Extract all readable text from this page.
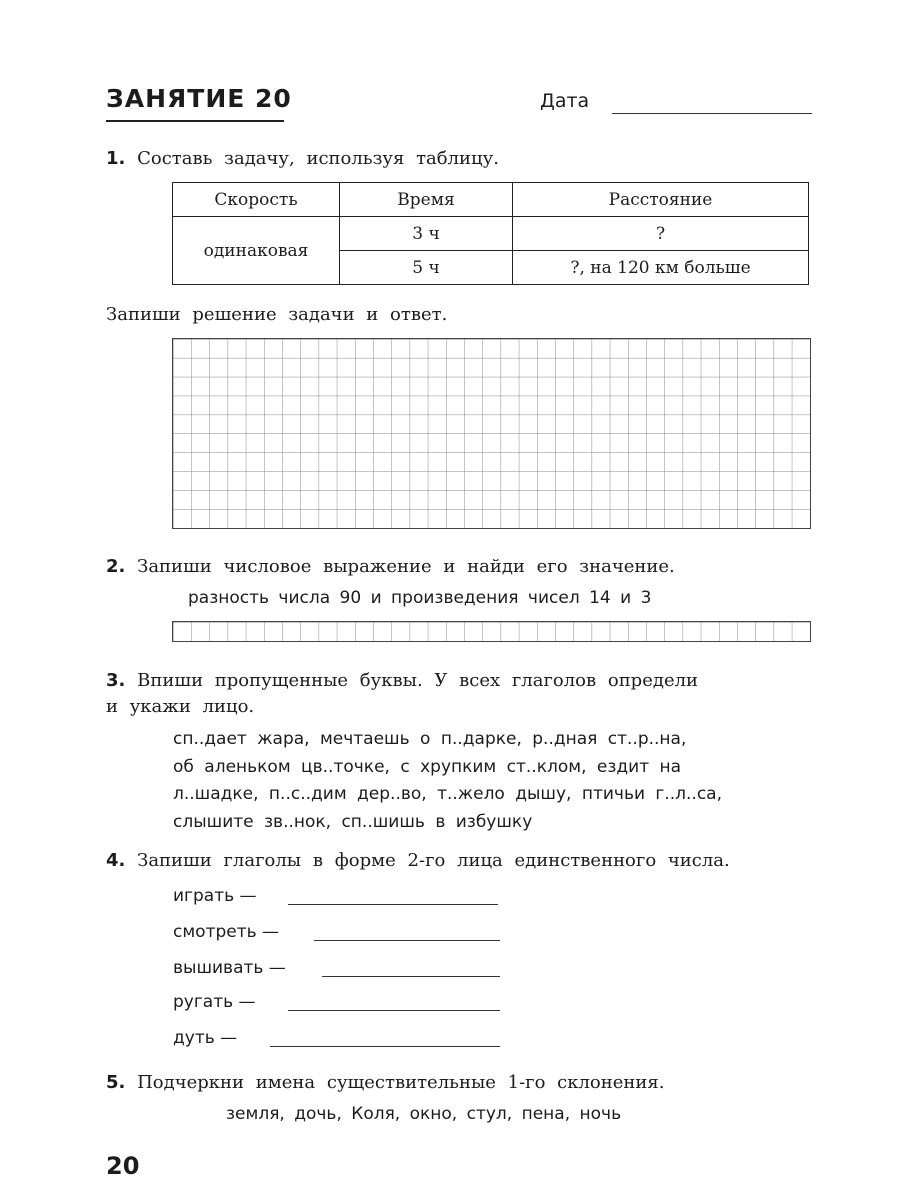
ЗАНЯТИЕ 20	Дата
1. Составь задачу, используя таблицу.
Скорость	Время	Расстояние
одинаковая	3 ч	?
	5 ч	?, на 120 км больше
Запиши решение задачи и ответ.
2. Запиши числовое выражение и найди его значение.
разность числа 90 и произведения чисел 14 и 3
3. Впиши пропущенные буквы. У всех глаголов определи
и укажи лицо.
сп..дает жара, мечтаешь о п..дарке, р..дная ст..р..на,
об аленьком цв..точке, с хрупким ст..клом, ездит на
л..шадке, п..с..дим дер..во, т..жело дышу, птичьи г..л..са,
слышите зв..нок, сп..шишь в избушку
4. Запиши глаголы в форме 2-го лица единственного числа.
играть —
смотреть —
вышивать —
ругать —
дуть —
5. Подчеркни имена существительные 1-го склонения.
земля, дочь, Коля, окно, стул, пена, ночь
20
